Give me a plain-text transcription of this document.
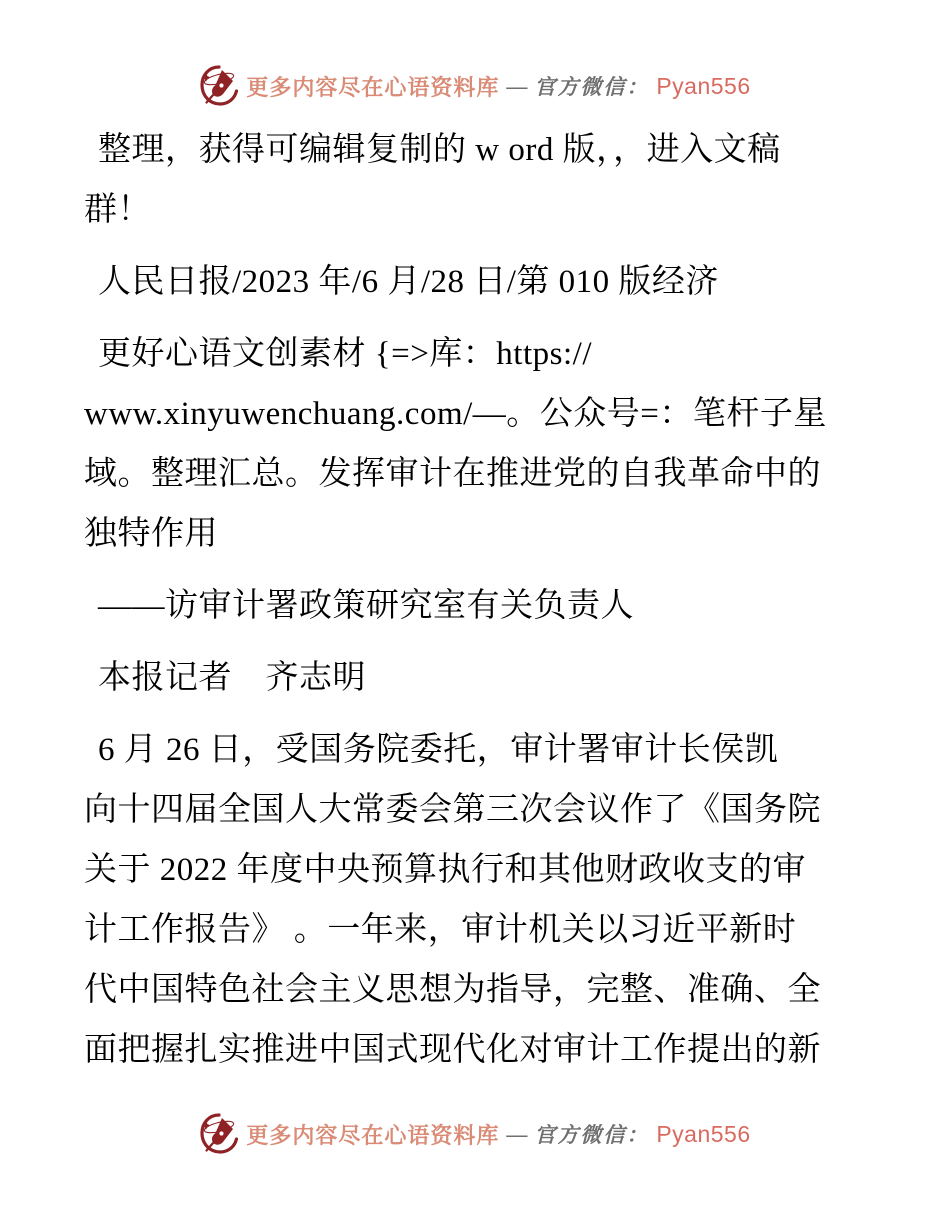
更多内容尽在心语资料库 — 官方微信： Pyan556
整理，获得可编辑复制的 w ord 版，，进入文稿
群！
人民日报/2023 年/6 月/28 日/第 010 版经济
更好心语文创素材 {=>库：https://
www.xinyuwenchuang.com/—。公众号=：笔杆子星
域。整理汇总。发挥审计在推进党的自我革命中的
独特作用
——访审计署政策研究室有关负责人
本报记者　齐志明
6 月 26 日，受国务院委托，审计署审计长侯凯
向十四届全国人大常委会第三次会议作了《国务院
关于 2022 年度中央预算执行和其他财政收支的审
计工作报告》 。一年来，审计机关以习近平新时
代中国特色社会主义思想为指导，完整、准确、全
面把握扎实推进中国式现代化对审计工作提出的新
更多内容尽在心语资料库 — 官方微信： Pyan556
